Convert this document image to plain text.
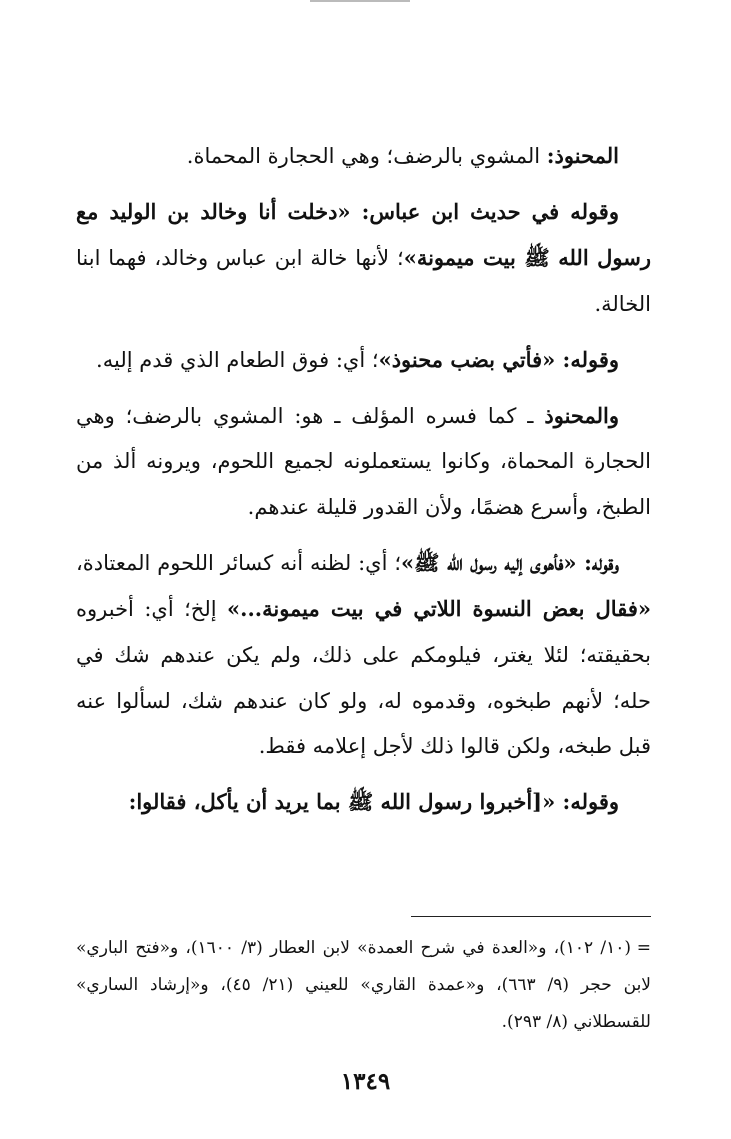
المحنوذ: المشوي بالرضف؛ وهي الحجارة المحماة.

وقوله في حديث ابن عباس: «دخلت أنا وخالد بن الوليد مع رسول الله ﷺ بيت ميمونة»؛ لأنها خالة ابن عباس وخالد، فهما ابنا الخالة.

وقوله: «فأتي بضب محنوذ»؛ أي: فوق الطعام الذي قدم إليه.

والمحنوذ ـ كما فسره المؤلف ـ هو: المشوي بالرضف؛ وهي الحجارة المحماة، وكانوا يستعملونه لجميع اللحوم، ويرونه ألذ من الطبخ، وأسرع هضمًا، ولأن القدور قليلة عندهم.

وقوله: «فأهوى إليه رسول الله ﷺ»؛ أي: لظنه أنه كسائر اللحوم المعتادة، «فقال بعض النسوة اللاتي في بيت ميمونة...» إلخ؛ أي: أخبروه بحقيقته؛ لئلا يغتر، فيلومكم على ذلك، ولم يكن عندهم شك في حله؛ لأنهم طبخوه، وقدموه له، ولو كان عندهم شك، لسألوا عنه قبل طبخه، ولكن قالوا ذلك لأجل إعلامه فقط.

وقوله: «[أخبروا رسول الله ﷺ بما يريد أن يأكل، فقالوا:

=(١٠/ ١٠٢)، و«العدة في شرح العمدة» لابن العطار (٣/ ١٦٠٠)، و«فتح الباري» لابن حجر (٩/ ٦٦٣)، و«عمدة القاري» للعيني (٢١/ ٤٥)، و«إرشاد الساري» للقسطلاني (٨/ ٢٩٣).

١٣٤٩
